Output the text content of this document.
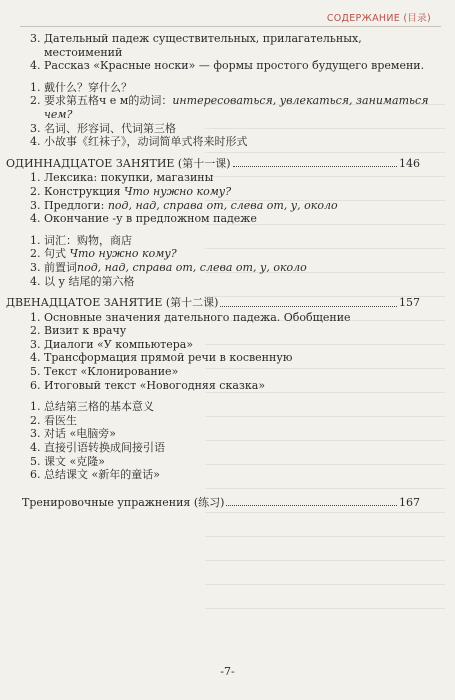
СОДЕРЖАНИЕ (目录)
3. Дательный падеж существительных, прилагательных, местоимений
4. Рассказ «Красные носки» — формы простого будущего времени.
1. 戴什么？穿什么？
2. 要求第五格ч е м的动词：интересоваться, увлекаться, заниматься чем?
3. 名词、形容词、代词第三格
4. 小故事《红袜子》，动词简单式将来时形式
ОДИННАДЦАТОЕ ЗАНЯТИЕ (第十一课)	146
1. Лексика: покупки, магазины
2. Конструкция Что нужно кому?
3. Предлоги: под, над, справа от, слева от, у, около
4. Окончание -у в предложном падеже
1. 词汇：购物，商店
2. 句式 Что нужно кому?
3. 前置词под, над, справа от, слева от, у, около
4. 以 у 结尾的第六格
ДВЕНАДЦАТОЕ ЗАНЯТИЕ (第十二课)	157
1. Основные значения дательного падежа. Обобщение
2. Визит к врачу
3. Диалоги «У компьютера»
4. Трансформация прямой речи в косвенную
5. Текст «Клонирование»
6. Итоговый текст «Новогодняя сказка»
1. 总结第三格的基本意义
2. 看医生
3. 对话 «电脑旁»
4. 直接引语转换成间接引语
5. 课文 «克隆»
6. 总结课文 «新年的童话»
Тренировочные упражнения (练习)	167
-7-
